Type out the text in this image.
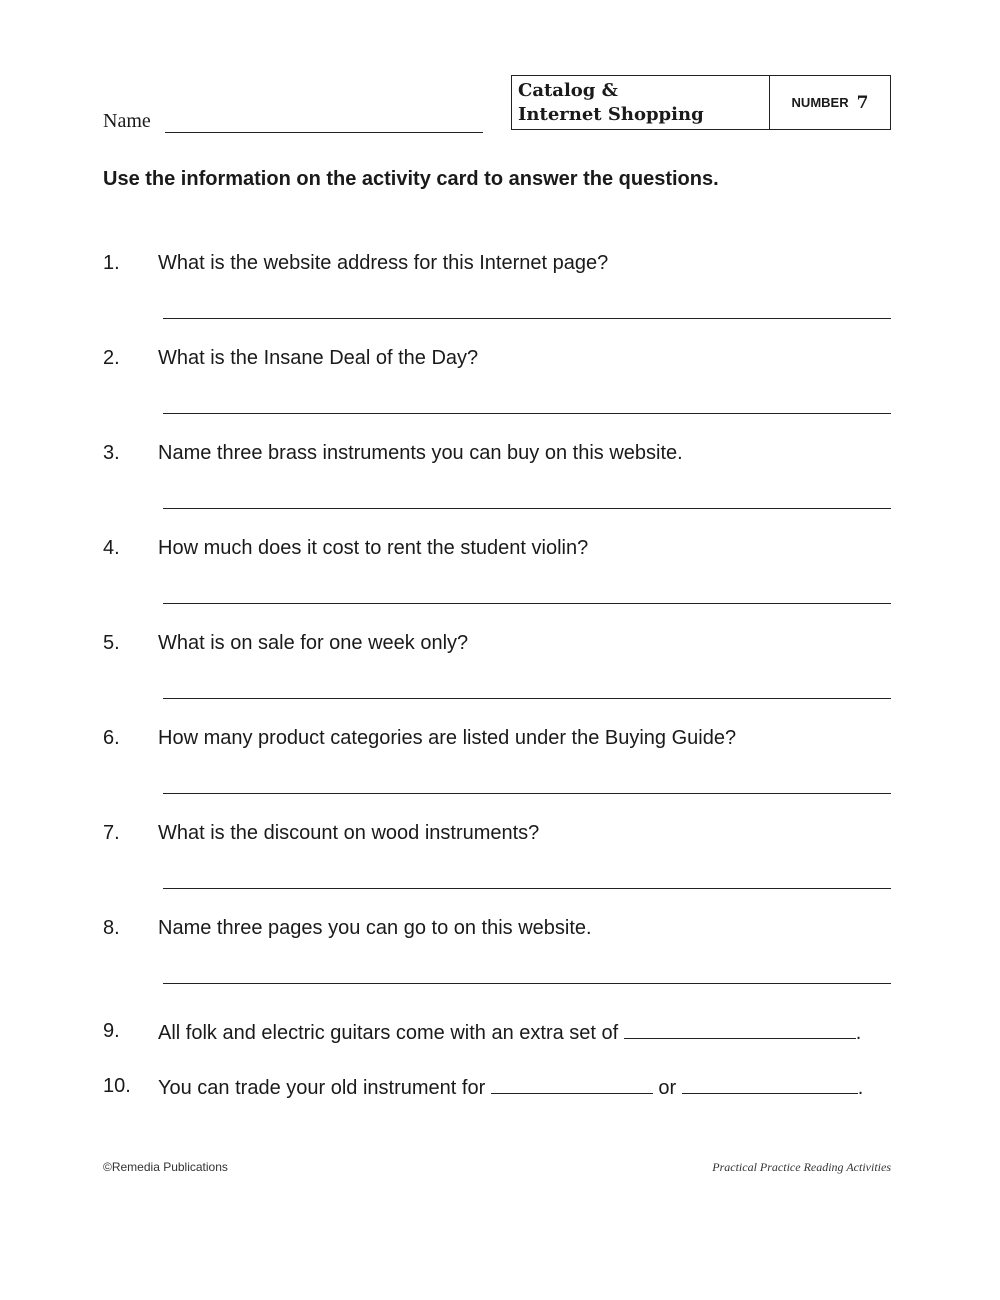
Name
Catalog &
Internet Shopping
NUMBER 7
Use the information on the activity card to answer the questions.
1. What is the website address for this Internet page?
2. What is the Insane Deal of the Day?
3. Name three brass instruments you can buy on this website.
4. How much does it cost to rent the student violin?
5. What is on sale for one week only?
6. How many product categories are listed under the Buying Guide?
7. What is the discount on wood instruments?
8. Name three pages you can go to on this website.
9. All folk and electric guitars come with an extra set of	.
10. You can trade your old instrument for	or	.
©Remedia Publications	Practical Practice Reading Activities
